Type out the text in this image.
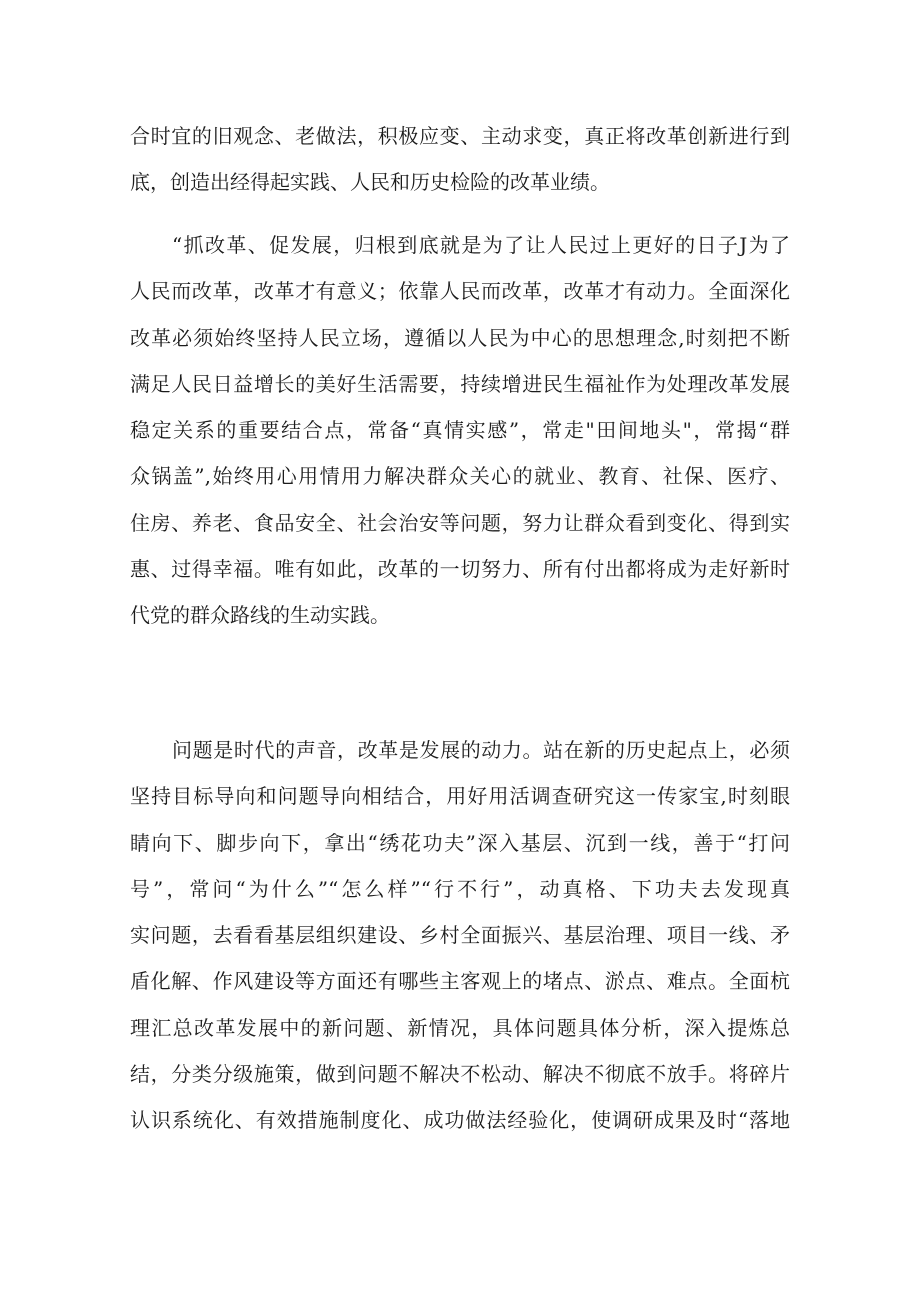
合时宜的旧观念、老做法，积极应变、主动求变，真正将改革创新进行到
底，创造出经得起实践、人民和历史检险的改革业绩。
“抓改革、促发展，归根到底就是为了让人民过上更好的日子J为了
人民而改革，改革才有意义；依靠人民而改革，改革才有动力。全面深化
改革必须始终坚持人民立场，遵循以人民为中心的思想理念,时刻把不断
满足人民日益增长的美好生活需要，持续增进民生福祉作为处理改革发展
稳定关系的重要结合点，常备“真情实感”，常走"田间地头"，常揭“群
众锅盖”,始终用心用情用力解决群众关心的就业、教育、社保、医疗、
住房、养老、食品安全、社会治安等问题，努力让群众看到变化、得到实
惠、过得幸福。唯有如此，改革的一切努力、所有付出都将成为走好新时
代党的群众路线的生动实践。
问题是时代的声音，改革是发展的动力。站在新的历史起点上，必须
坚持目标导向和问题导向相结合，用好用活调查研究这一传家宝,时刻眼
睛向下、脚步向下，拿出“绣花功夫”深入基层、沉到一线，善于“打问
号”，常问“为什么”“怎么样”“行不行”，动真格、下功夫去发现真
实问题，去看看基层组织建设、乡村全面振兴、基层治理、项目一线、矛
盾化解、作风建设等方面还有哪些主客观上的堵点、淤点、难点。全面杭
理汇总改革发展中的新问题、新情况，具体问题具体分析，深入提炼总
结，分类分级施策，做到问题不解决不松动、解决不彻底不放手。将碎片
认识系统化、有效措施制度化、成功做法经验化，使调研成果及时“落地
